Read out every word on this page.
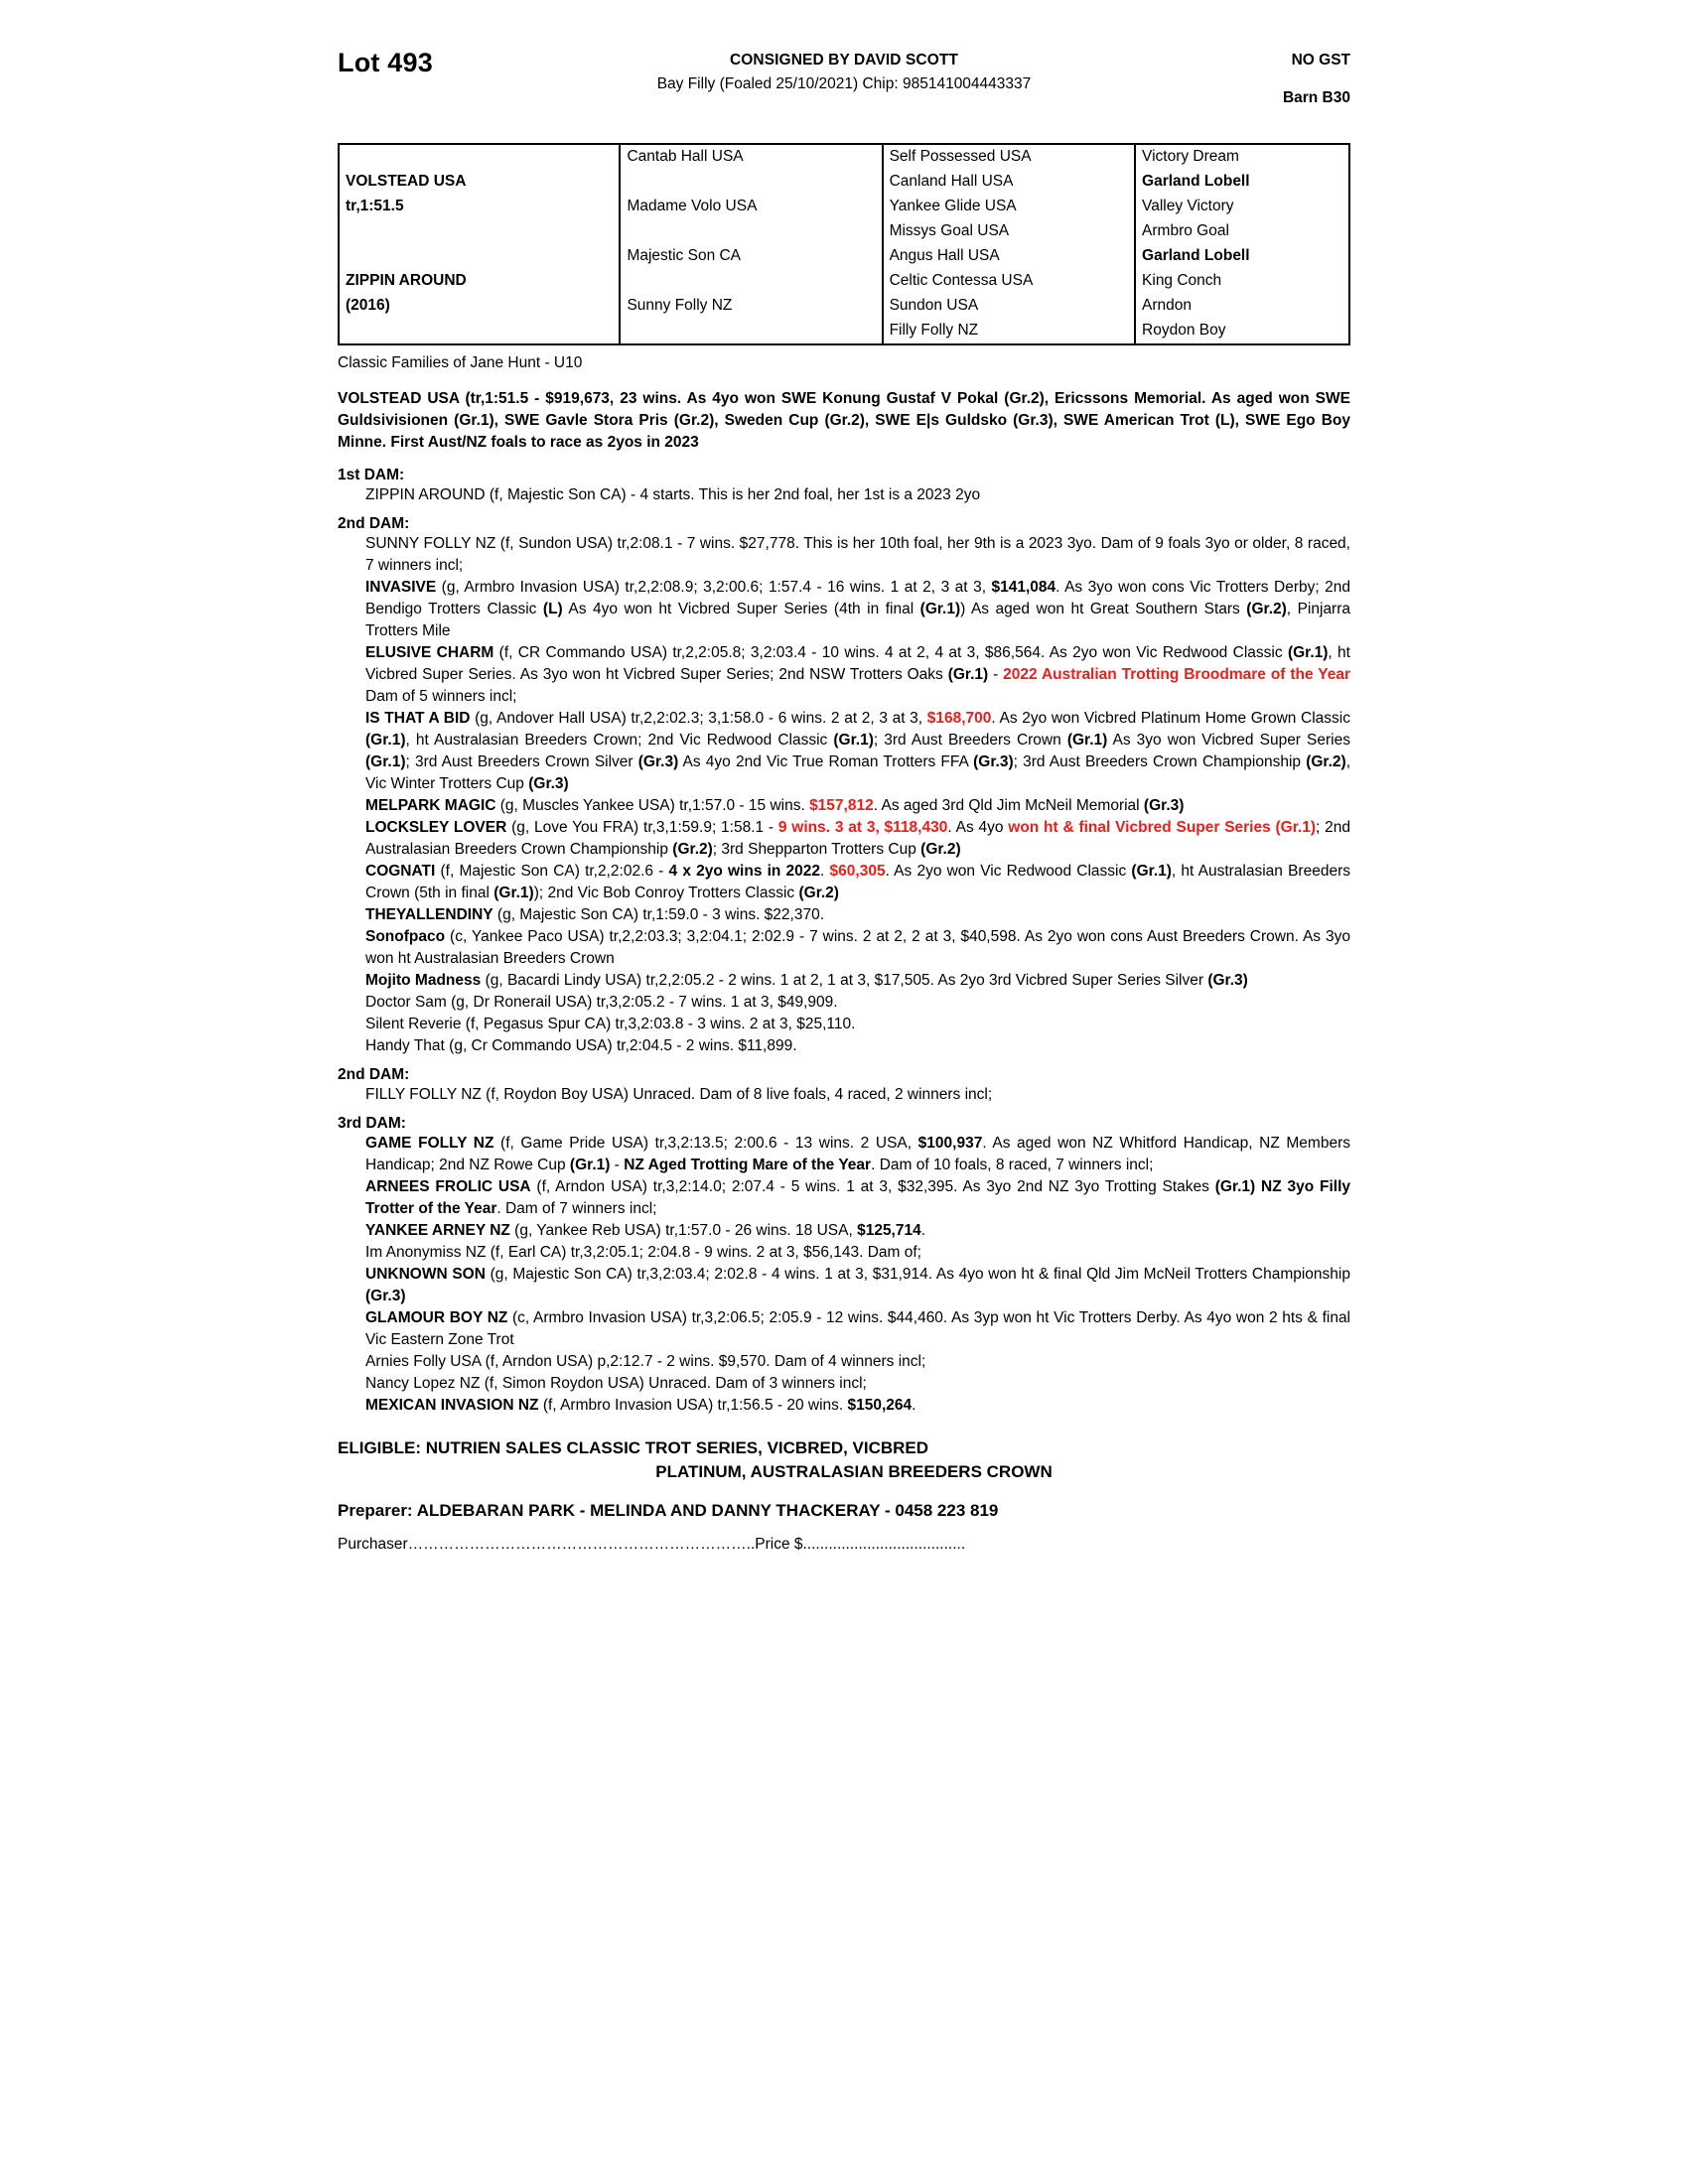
Lot 493	CONSIGNED BY DAVID SCOTT
Bay Filly (Foaled 25/10/2021) Chip: 985141004443337
NO GST
Barn B30
	Cantab Hall USA	Self Possessed USA	Victory Dream
VOLSTEAD USA		Canland Hall USA	Garland Lobell
tr,1:51.5	Madame Volo USA	Yankee Glide USA	Valley Victory
		Missys Goal USA	Armbro Goal
	Majestic Son CA	Angus Hall USA	Garland Lobell
ZIPPIN AROUND		Celtic Contessa USA	King Conch
(2016)	Sunny Folly NZ	Sundon USA	Arndon
		Filly Folly NZ	Roydon Boy
Classic Families of Jane Hunt - U10
VOLSTEAD USA (tr,1:51.5 - $919,673, 23 wins. As 4yo won SWE Konung Gustaf V Pokal (Gr.2), Ericssons Memorial. As aged won SWE Guldsivisionen (Gr.1), SWE Gavle Stora Pris (Gr.2), Sweden Cup (Gr.2), SWE E|s Guldsko (Gr.3), SWE American Trot (L), SWE Ego Boy Minne. First Aust/NZ foals to race as 2yos in 2023
1st DAM:

ZIPPIN AROUND (f, Majestic Son CA) - 4 starts. This is her 2nd foal, her 1st is a 2023 2yo

2nd DAM:

SUNNY FOLLY NZ (f, Sundon USA) tr,2:08.1 - 7 wins. $27,778. This is her 10th foal, her 9th is a 2023 3yo. Dam of 9 foals 3yo or older, 8 raced, 7 winners incl;

INVASIVE (g, Armbro Invasion USA) tr,2,2:08.9; 3,2:00.6; 1:57.4 - 16 wins. 1 at 2, 3 at 3, $141,084. As 3yo won cons Vic Trotters Derby; 2nd Bendigo Trotters Classic (L) As 4yo won ht Vicbred Super Series (4th in final (Gr.1)) As aged won ht Great Southern Stars (Gr.2), Pinjarra Trotters Mile

ELUSIVE CHARM (f, CR Commando USA) tr,2,2:05.8; 3,2:03.4 - 10 wins. 4 at 2, 4 at 3, $86,564. As 2yo won Vic Redwood Classic (Gr.1), ht Vicbred Super Series. As 3yo won ht Vicbred Super Series; 2nd NSW Trotters Oaks (Gr.1) - 2022 Australian Trotting Broodmare of the Year Dam of 5 winners incl;

IS THAT A BID (g, Andover Hall USA) tr,2,2:02.3; 3,1:58.0 - 6 wins. 2 at 2, 3 at 3, $168,700. As 2yo won Vicbred Platinum Home Grown Classic (Gr.1), ht Australasian Breeders Crown; 2nd Vic Redwood Classic (Gr.1); 3rd Aust Breeders Crown (Gr.1) As 3yo won Vicbred Super Series (Gr.1); 3rd Aust Breeders Crown Silver (Gr.3) As 4yo 2nd Vic True Roman Trotters FFA (Gr.3); 3rd Aust Breeders Crown Championship (Gr.2), Vic Winter Trotters Cup (Gr.3)

MELPARK MAGIC (g, Muscles Yankee USA) tr,1:57.0 - 15 wins. $157,812. As aged 3rd Qld Jim McNeil Memorial (Gr.3)

LOCKSLEY LOVER (g, Love You FRA) tr,3,1:59.9; 1:58.1 - 9 wins. 3 at 3, $118,430. As 4yo won ht & final Vicbred Super Series (Gr.1); 2nd Australasian Breeders Crown Championship (Gr.2); 3rd Shepparton Trotters Cup (Gr.2)

COGNATI (f, Majestic Son CA) tr,2,2:02.6 - 4 x 2yo wins in 2022. $60,305. As 2yo won Vic Redwood Classic (Gr.1), ht Australasian Breeders Crown (5th in final (Gr.1)); 2nd Vic Bob Conroy Trotters Classic (Gr.2)

THEYALLENDINY (g, Majestic Son CA) tr,1:59.0 - 3 wins. $22,370.

Sonofpaco (c, Yankee Paco USA) tr,2,2:03.3; 3,2:04.1; 2:02.9 - 7 wins. 2 at 2, 2 at 3, $40,598. As 2yo won cons Aust Breeders Crown. As 3yo won ht Australasian Breeders Crown

Mojito Madness (g, Bacardi Lindy USA) tr,2,2:05.2 - 2 wins. 1 at 2, 1 at 3, $17,505. As 2yo 3rd Vicbred Super Series Silver (Gr.3)

Doctor Sam (g, Dr Ronerail USA) tr,3,2:05.2 - 7 wins. 1 at 3, $49,909.

Silent Reverie (f, Pegasus Spur CA) tr,3,2:03.8 - 3 wins. 2 at 3, $25,110.

Handy That (g, Cr Commando USA) tr,2:04.5 - 2 wins. $11,899.

2nd DAM:

FILLY FOLLY NZ (f, Roydon Boy USA) Unraced. Dam of 8 live foals, 4 raced, 2 winners incl;

3rd DAM:

GAME FOLLY NZ (f, Game Pride USA) tr,3,2:13.5; 2:00.6 - 13 wins. 2 USA, $100,937. As aged won NZ Whitford Handicap, NZ Members Handicap; 2nd NZ Rowe Cup (Gr.1) - NZ Aged Trotting Mare of the Year. Dam of 10 foals, 8 raced, 7 winners incl;

ARNEES FROLIC USA (f, Arndon USA) tr,3,2:14.0; 2:07.4 - 5 wins. 1 at 3, $32,395. As 3yo 2nd NZ 3yo Trotting Stakes (Gr.1) NZ 3yo Filly Trotter of the Year. Dam of 7 winners incl;

YANKEE ARNEY NZ (g, Yankee Reb USA) tr,1:57.0 - 26 wins. 18 USA, $125,714.

Im Anonymiss NZ (f, Earl CA) tr,3,2:05.1; 2:04.8 - 9 wins. 2 at 3, $56,143. Dam of;

UNKNOWN SON (g, Majestic Son CA) tr,3,2:03.4; 2:02.8 - 4 wins. 1 at 3, $31,914. As 4yo won ht & final Qld Jim McNeil Trotters Championship (Gr.3)

GLAMOUR BOY NZ (c, Armbro Invasion USA) tr,3,2:06.5; 2:05.9 - 12 wins. $44,460. As 3yp won ht Vic Trotters Derby. As 4yo won 2 hts & final Vic Eastern Zone Trot

Arnies Folly USA (f, Arndon USA) p,2:12.7 - 2 wins. $9,570. Dam of 4 winners incl;

Nancy Lopez NZ (f, Simon Roydon USA) Unraced. Dam of 3 winners incl;

MEXICAN INVASION NZ (f, Armbro Invasion USA) tr,1:56.5 - 20 wins. $150,264.

ELIGIBLE: NUTRIEN SALES CLASSIC TROT SERIES, VICBRED, VICBRED
PLATINUM, AUSTRALASIAN BREEDERS CROWN
Preparer: ALDEBARAN PARK - MELINDA AND DANNY THACKERAY - 0458 223 819
Purchaser…………………………………………………………..Price $......................................
